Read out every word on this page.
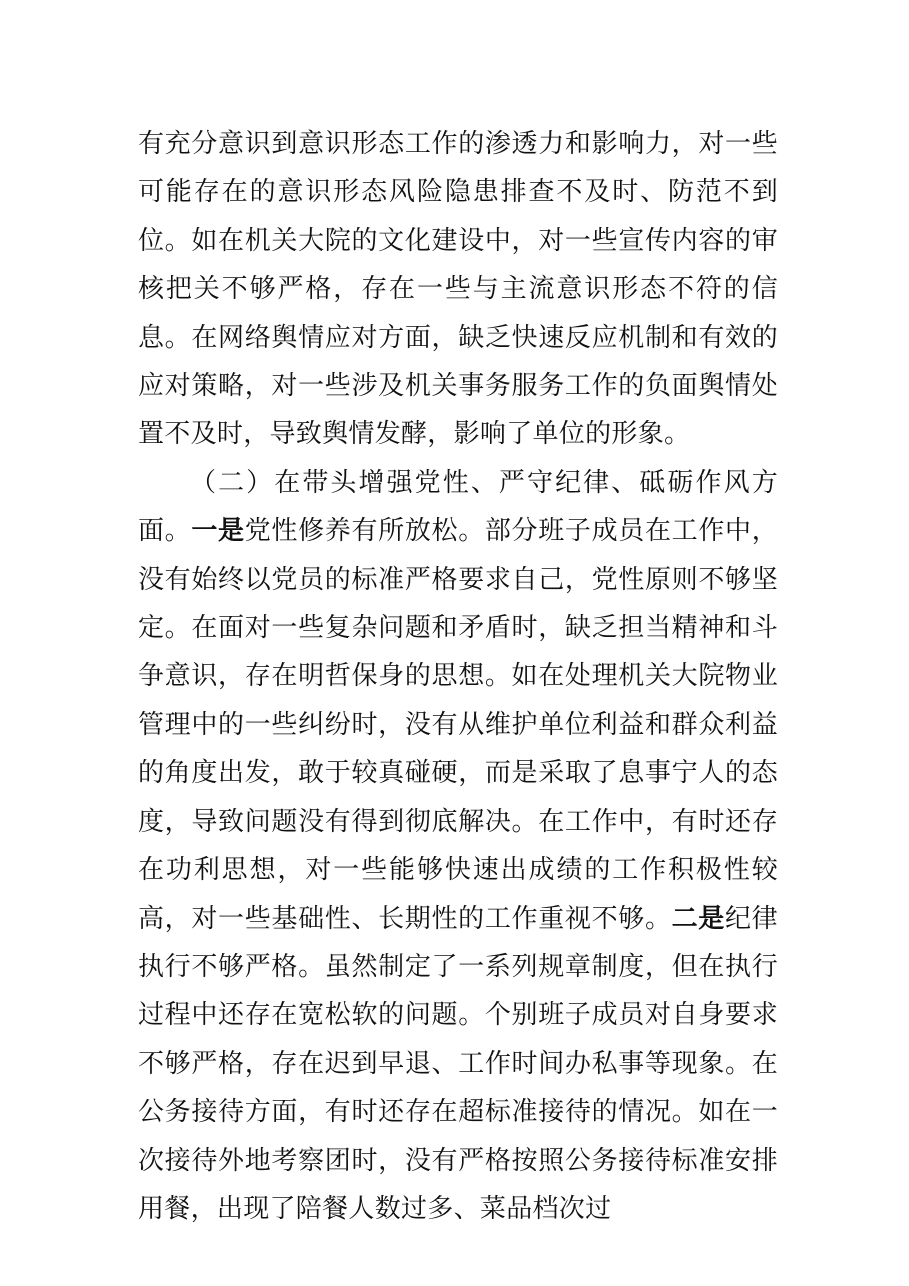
有充分意识到意识形态工作的渗透力和影响力，对一些可能存在的意识形态风险隐患排查不及时、防范不到位。如在机关大院的文化建设中，对一些宣传内容的审核把关不够严格，存在一些与主流意识形态不符的信息。在网络舆情应对方面，缺乏快速反应机制和有效的应对策略，对一些涉及机关事务服务工作的负面舆情处置不及时，导致舆情发酵，影响了单位的形象。

（二）在带头增强党性、严守纪律、砥砺作风方面。一是党性修养有所放松。部分班子成员在工作中，没有始终以党员的标准严格要求自己，党性原则不够坚定。在面对一些复杂问题和矛盾时，缺乏担当精神和斗争意识，存在明哲保身的思想。如在处理机关大院物业管理中的一些纠纷时，没有从维护单位利益和群众利益的角度出发，敢于较真碰硬，而是采取了息事宁人的态度，导致问题没有得到彻底解决。在工作中，有时还存在功利思想，对一些能够快速出成绩的工作积极性较高，对一些基础性、长期性的工作重视不够。二是纪律执行不够严格。虽然制定了一系列规章制度，但在执行过程中还存在宽松软的问题。个别班子成员对自身要求不够严格，存在迟到早退、工作时间办私事等现象。在公务接待方面，有时还存在超标准接待的情况。如在一次接待外地考察团时，没有严格按照公务接待标准安排用餐，出现了陪餐人数过多、菜品档次过
